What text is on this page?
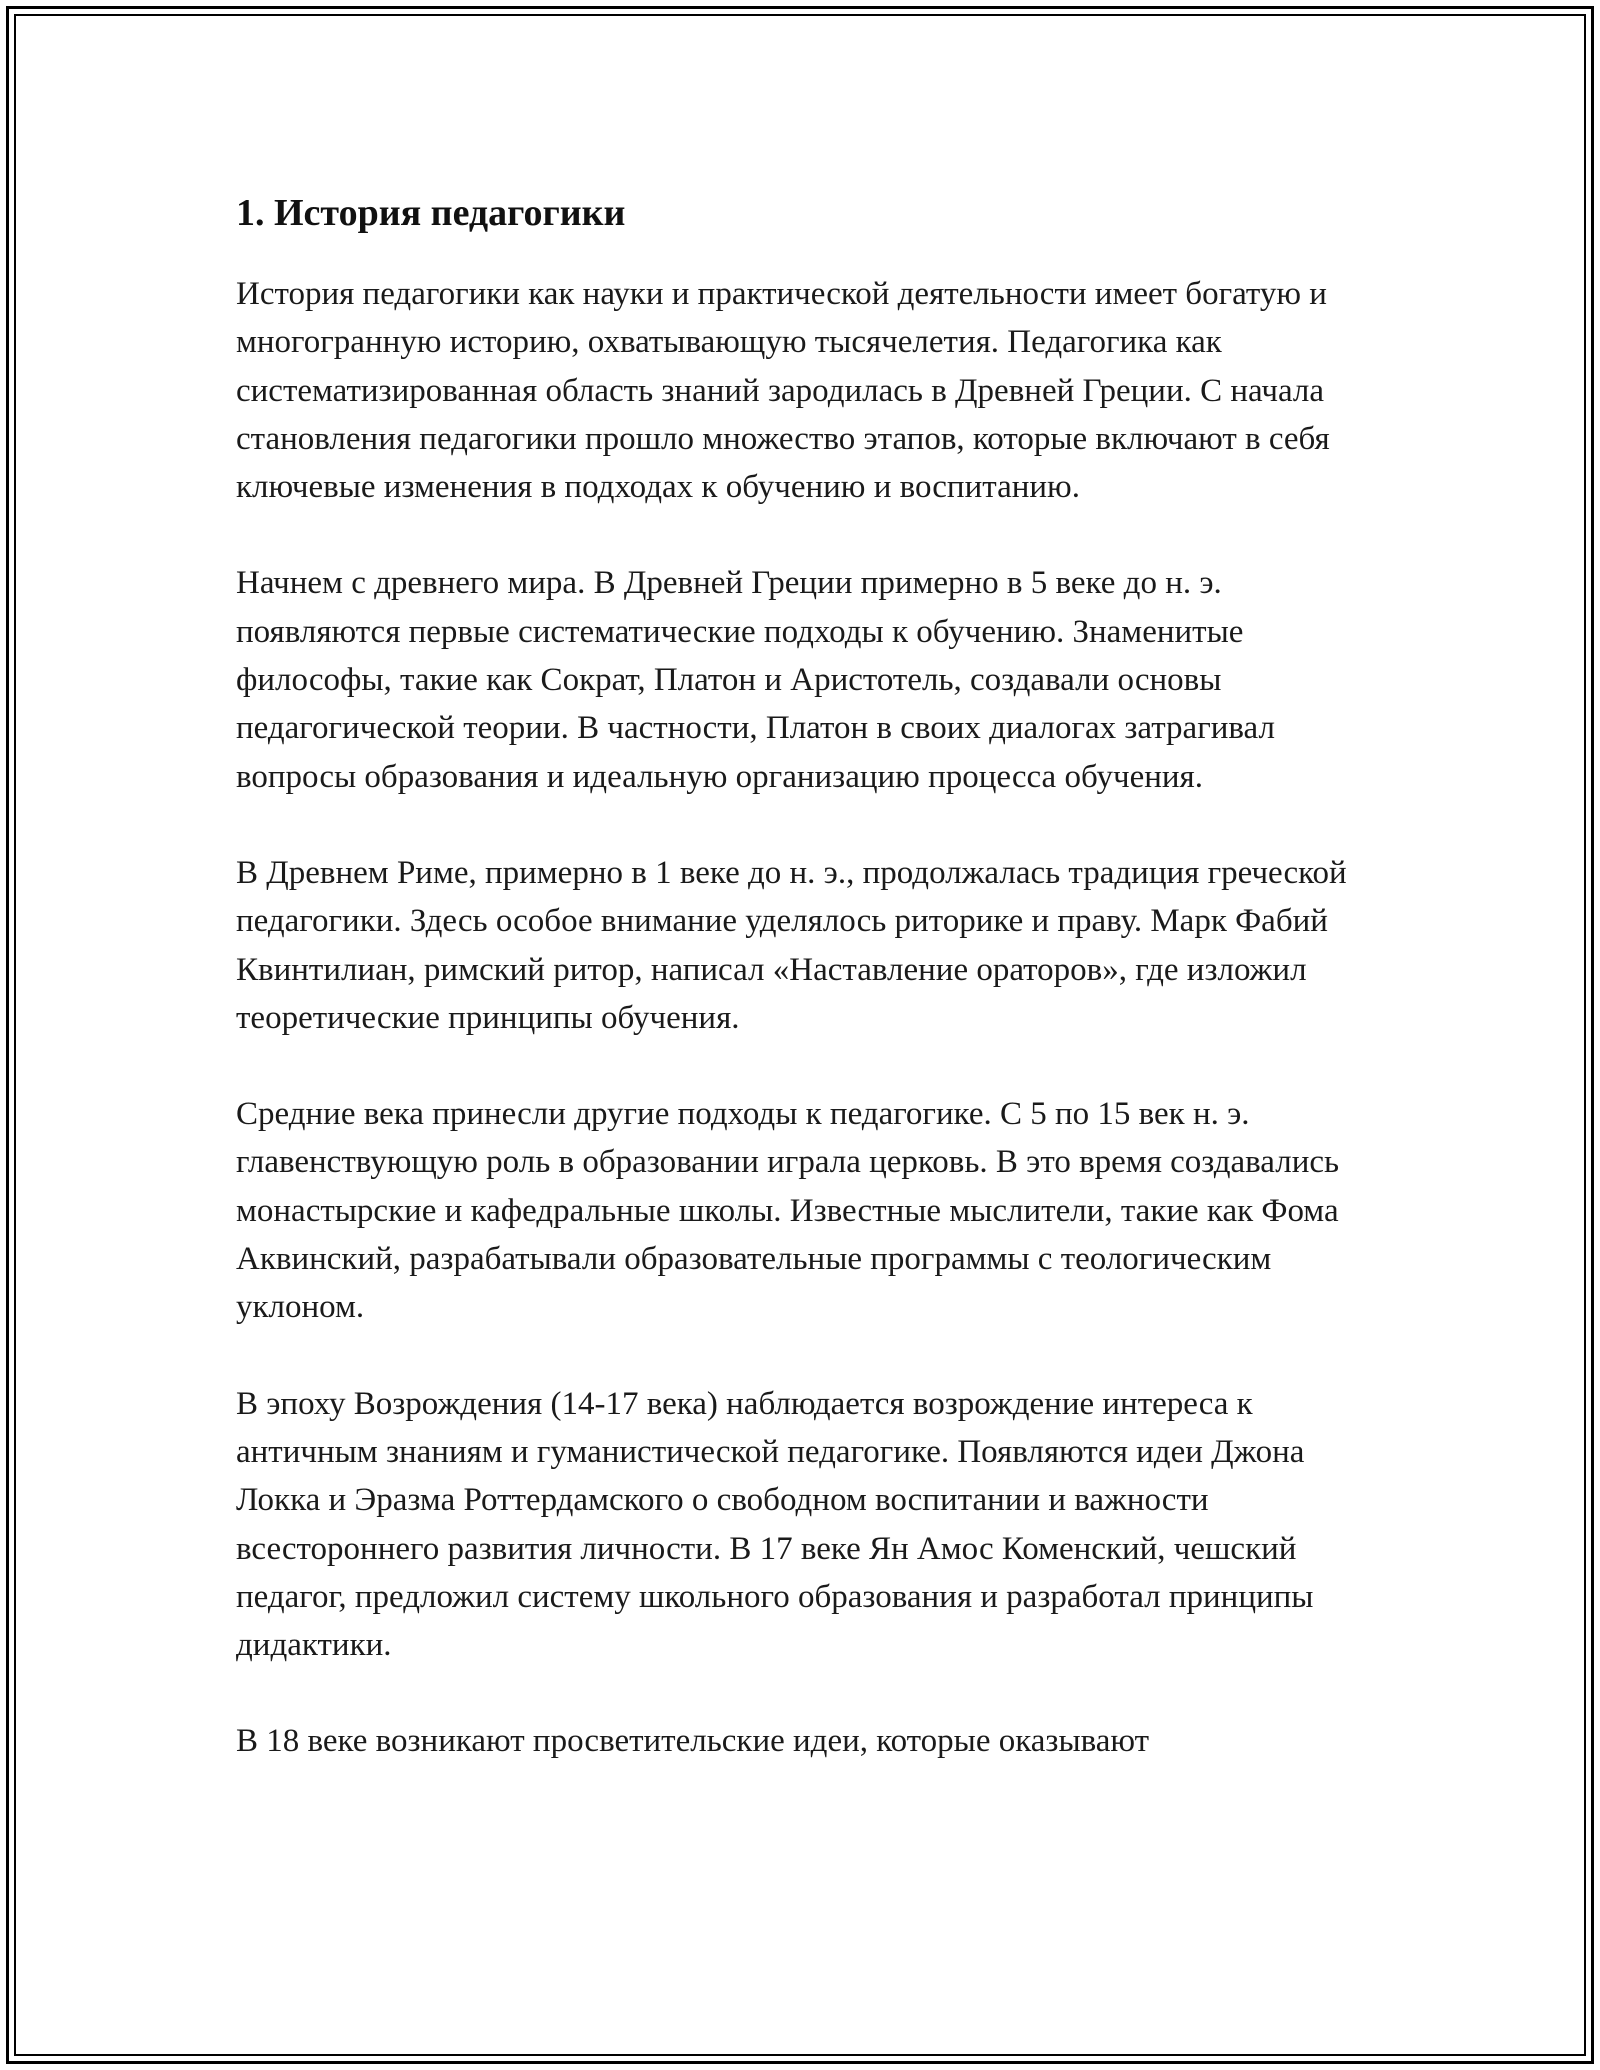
1. История педагогики

История педагогики как науки и практической деятельности имеет богатую и многогранную историю, охватывающую тысячелетия. Педагогика как систематизированная область знаний зародилась в Древней Греции. С начала становления педагогики прошло множество этапов, которые включают в себя ключевые изменения в подходах к обучению и воспитанию.

Начнем с древнего мира. В Древней Греции примерно в 5 веке до н. э. появляются первые систематические подходы к обучению. Знаменитые философы, такие как Сократ, Платон и Аристотель, создавали основы педагогической теории. В частности, Платон в своих диалогах затрагивал вопросы образования и идеальную организацию процесса обучения.

В Древнем Риме, примерно в 1 веке до н. э., продолжалась традиция греческой педагогики. Здесь особое внимание уделялось риторике и праву. Марк Фабий Квинтилиан, римский ритор, написал «Наставление ораторов», где изложил теоретические принципы обучения.

Средние века принесли другие подходы к педагогике. С 5 по 15 век н. э. главенствующую роль в образовании играла церковь. В это время создавались монастырские и кафедральные школы. Известные мыслители, такие как Фома Аквинский, разрабатывали образовательные программы с теологическим уклоном.

В эпоху Возрождения (14-17 века) наблюдается возрождение интереса к античным знаниям и гуманистической педагогике. Появляются идеи Джона Локка и Эразма Роттердамского о свободном воспитании и важности всестороннего развития личности. В 17 веке Ян Амос Коменский, чешский педагог, предложил систему школьного образования и разработал принципы дидактики.

В 18 веке возникают просветительские идеи, которые оказывают
